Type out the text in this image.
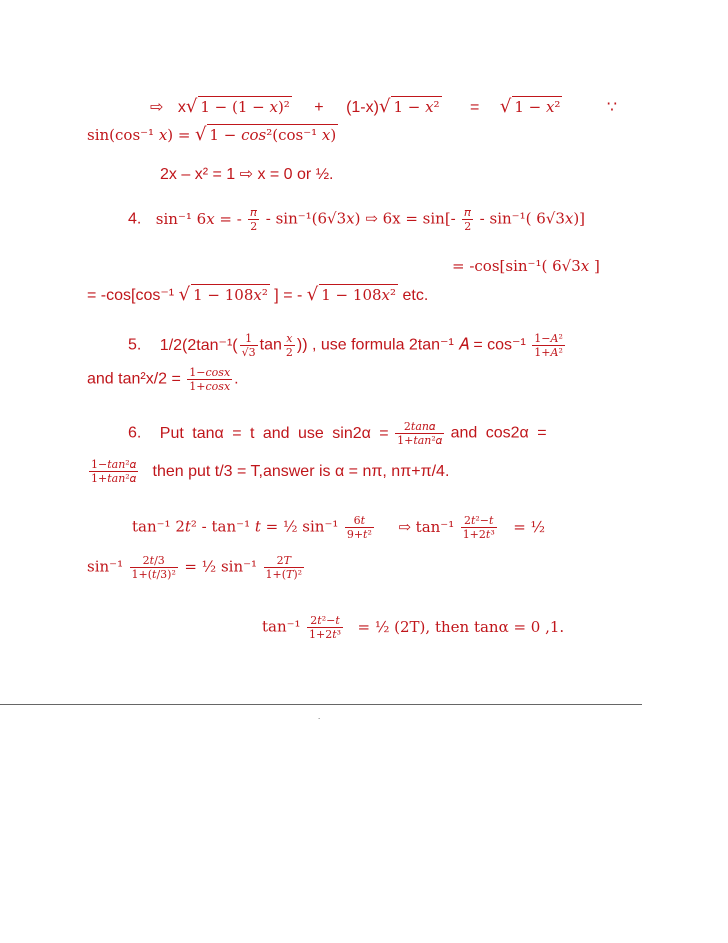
⇨ x√ 1 − (1 − 𝑥)² + (1-x)√ 1 − 𝑥² = √ 1 − 𝑥²	∵
sin(cos⁻¹ 𝑥) = √ 1 − 𝑐𝑜𝑠²(cos⁻¹ 𝑥)
2x – x² = 1 ⇨ x = 0 or ½.
4. sin⁻¹ 6𝑥 = - $\frac{\text{𝜋}}{2}$ - sin⁻¹(6√3𝑥) ⇨ $6x = \sin[- \frac{\text{𝜋}}{2} - \sin^{-1}$( 6√3𝑥)]
= -cos[sin⁻¹( 6√3𝑥 ]
= -cos[cos⁻¹ √ 1 − 108𝑥² ] = - √ 1 − 108𝑥² etc.
5. $1/2(2\tan^{-1}( \frac{1}{√3}$ $\tan \frac{\text{𝑥}}{2}$ )) , use formula 2tan⁻¹ 𝐴 = $\cos^{-1} \frac{\text{1−𝐴²}}{\text{1+𝐴²}}$
and $\tan^2x/2 = \frac{\text{1−𝑐𝑜𝑠𝑥}}{\text{1+𝑐𝑜𝑠𝑥}}$ .
6. Put tanα = t and use $\sin 2\alpha = \frac{\text{2𝑡𝑎𝑛𝛼}}{\text{1+𝑡𝑎𝑛²𝛼}}$ and cos2α =
$\frac{\text{1−𝑡𝑎𝑛²𝛼}}{\text{1+𝑡𝑎𝑛²𝛼}}$ then put t/3 = T,answer is α = nπ, nπ+π/4.
tan⁻¹ 2𝑡² - tan⁻¹ 𝑡 = ½ $\sin^{-1} \frac{\text{6𝑡}}{\text{9+𝑡²}}$ ⇨ $\tan^{-1} \frac{\text{2𝑡²−𝑡}}{\text{1+2𝑡³}}$ = ½
$\sin^{-1} \frac{\text{2𝑡/3}}{\text{1+(𝑡/3)²}}$ = ½ $\sin^{-1} \frac{\text{2𝑇}}{\text{1+(𝑇)²}}$
$\tan^{-1} \frac{\text{2𝑡²−𝑡}}{\text{1+2𝑡³}}$ = ½ (2T), then tanα = 0 ,1.
.
